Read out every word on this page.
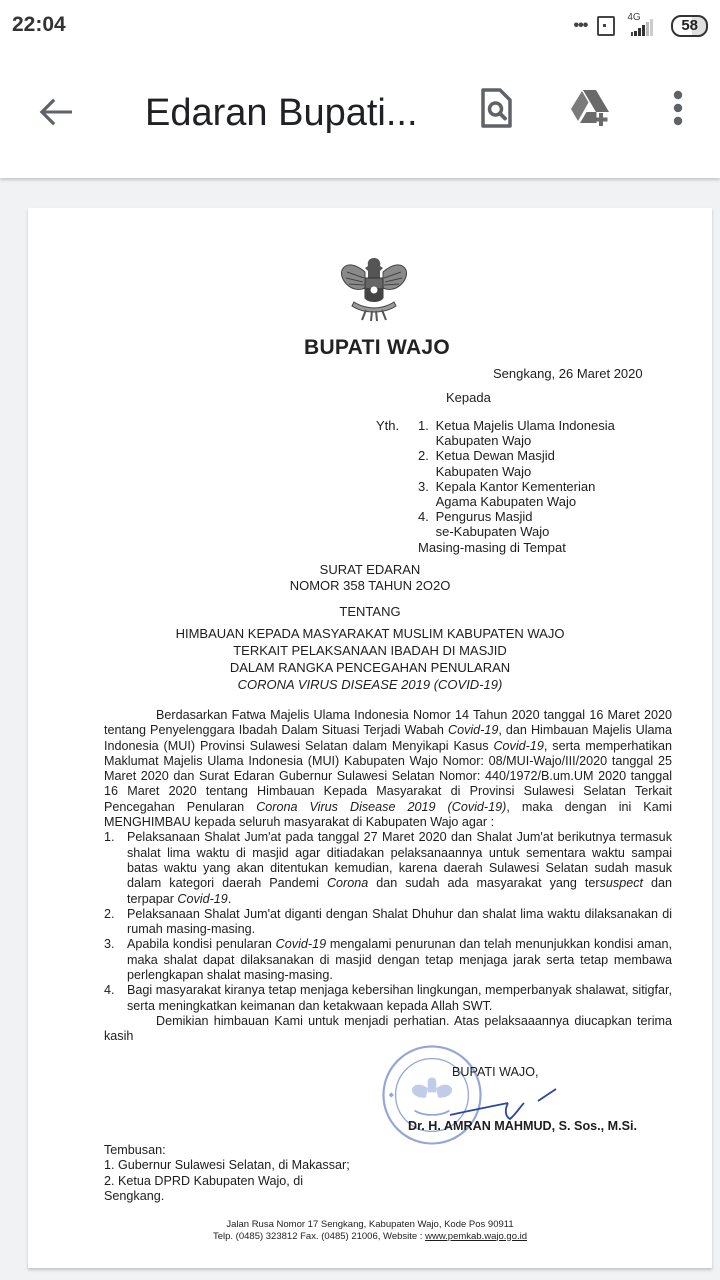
22:04	•••	4G	58
Edaran Bupati...
BUPATI WAJO
Sengkang, 26 Maret 2020
Kepada
Yth. 1. Ketua Majelis Ulama Indonesia
Kabupaten Wajo
2. Ketua Dewan Masjid
Kabupaten Wajo
3. Kepala Kantor Kementerian
Agama Kabupaten Wajo
4. Pengurus Masjid
se-Kabupaten Wajo
Masing-masing di Tempat
SURAT EDARAN
NOMOR 358 TAHUN 2O2O
TENTANG
HIMBAUAN KEPADA MASYARAKAT MUSLIM KABUPATEN WAJO
TERKAIT PELAKSANAAN IBADAH DI MASJID
DALAM RANGKA PENCEGAHAN PENULARAN
CORONA VIRUS DISEASE 2019 (COVID-19)
Berdasarkan Fatwa Majelis Ulama Indonesia Nomor 14 Tahun 2020 tanggal 16 Maret 2020 tentang Penyelenggara Ibadah Dalam Situasi Terjadi Wabah Covid-19, dan Himbauan Majelis Ulama Indonesia (MUI) Provinsi Sulawesi Selatan dalam Menyikapi Kasus Covid-19, serta memperhatikan Maklumat Majelis Ulama Indonesia (MUI) Kabupaten Wajo Nomor: 08/MUI-Wajo/III/2020 tanggal 25 Maret 2020 dan Surat Edaran Gubernur Sulawesi Selatan Nomor: 440/1972/B.um.UM 2020 tanggal 16 Maret 2020 tentang Himbauan Kepada Masyarakat di Provinsi Sulawesi Selatan Terkait Pencegahan Penularan Corona Virus Disease 2019 (Covid-19), maka dengan ini Kami MENGHIMBAU kepada seluruh masyarakat di Kabupaten Wajo agar :
1. Pelaksanaan Shalat Jum'at pada tanggal 27 Maret 2020 dan Shalat Jum'at berikutnya termasuk shalat lima waktu di masjid agar ditiadakan pelaksanaannya untuk sementara waktu sampai batas waktu yang akan ditentukan kemudian, karena daerah Sulawesi Selatan sudah masuk dalam kategori daerah Pandemi Corona dan sudah ada masyarakat yang tersuspect dan terpapar Covid-19.
2. Pelaksanaan Shalat Jum'at diganti dengan Shalat Dhuhur dan shalat lima waktu dilaksanakan di rumah masing-masing.
3. Apabila kondisi penularan Covid-19 mengalami penurunan dan telah menunjukkan kondisi aman, maka shalat dapat dilaksanakan di masjid dengan tetap menjaga jarak serta tetap membawa perlengkapan shalat masing-masing.
4. Bagi masyarakat kiranya tetap menjaga kebersihan lingkungan, memperbanyak shalawat, sitigfar, serta meningkatkan keimanan dan ketakwaan kepada Allah SWT.
Demikian himbauan Kami untuk menjadi perhatian. Atas pelaksaaannya diucapkan terima kasih
BUPATI WAJO,
Dr. H. AMRAN MAHMUD, S. Sos., M.Si.
Tembusan:
1. Gubernur Sulawesi Selatan, di Makassar;
2. Ketua DPRD Kabupaten Wajo, di Sengkang.
Jalan Rusa Nomor 17 Sengkang, Kabupaten Wajo, Kode Pos 90911
Telp. (0485) 323812 Fax. (0485) 21006, Website : www.pemkab.wajo.go.id
